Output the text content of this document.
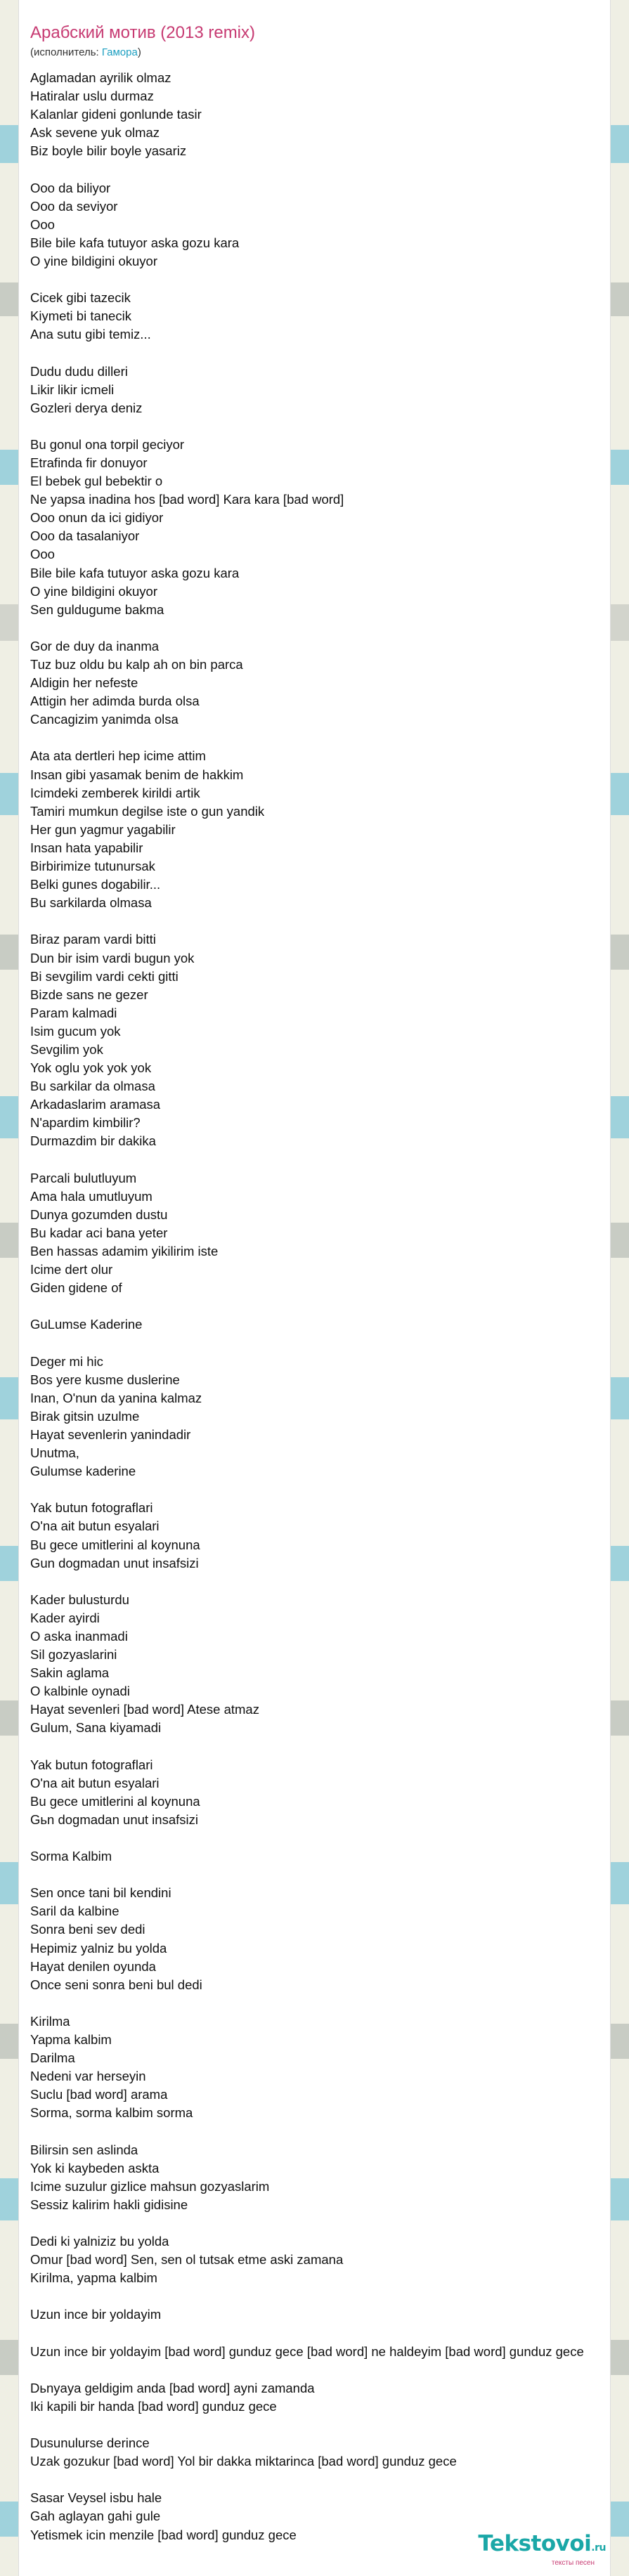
Арабский мотив (2013 remix)
(исполнитель: Гамора)
Aglamadan ayrilik olmaz
Hatiralar uslu durmaz
Kalanlar gideni gonlunde tasir
Ask sevene yuk olmaz
Biz boyle bilir boyle yasariz
Ooo da biliyor
Ooo da seviyor
Ooo
Bile bile kafa tutuyor aska gozu kara
O yine bildigini okuyor
Cicek gibi tazecik
Kiymeti bi tanecik
Ana sutu gibi temiz...
Dudu dudu dilleri
Likir likir icmeli
Gozleri derya deniz
Bu gonul ona torpil geciyor
Etrafinda fir donuyor
El bebek gul bebektir o
Ne yapsa inadina hos [bad word] Kara kara [bad word]
Ooo onun da ici gidiyor
Ooo da tasalaniyor
Ooo
Bile bile kafa tutuyor aska gozu kara
O yine bildigini okuyor
Sen guldugume bakma
Gor de duy da inanma
Tuz buz oldu bu kalp ah on bin parca
Aldigin her nefeste
Attigin her adimda burda olsa
Cancagizim yanimda olsa
Ata ata dertleri hep icime attim
Insan gibi yasamak benim de hakkim
Icimdeki zemberek kirildi artik
Tamiri mumkun degilse iste o gun yandik
Her gun yagmur yagabilir
Insan hata yapabilir
Birbirimize tutunursak
Belki gunes dogabilir...
Bu sarkilarda olmasa
Biraz param vardi bitti
Dun bir isim vardi bugun yok
Bi sevgilim vardi cekti gitti
Bizde sans ne gezer
Param kalmadi
Isim gucum yok
Sevgilim yok
Yok oglu yok yok yok
Bu sarkilar da olmasa
Arkadaslarim aramasa
N'apardim kimbilir?
Durmazdim bir dakika
Parcali bulutluyum
Ama hala umutluyum
Dunya gozumden dustu
Bu kadar aci bana yeter
Ben hassas adamim yikilirim iste
Icime dert olur
Giden gidene of
GuLumse Kaderine
Deger mi hic
Bos yere kusme duslerine
Inan, O'nun da yanina kalmaz
Birak gitsin uzulme
Hayat sevenlerin yanindadir
Unutma,
Gulumse kaderine
Yak butun fotograflari
O'na ait butun esyalari
Bu gece umitlerini al koynuna
Gun dogmadan unut insafsizi
Kader bulusturdu
Kader ayirdi
O aska inanmadi
Sil gozyaslarini
Sakin aglama
O kalbinle oynadi
Hayat sevenleri [bad word] Atese atmaz
Gulum, Sana kiyamadi
Yak butun fotograflari
O'na ait butun esyalari
Bu gece umitlerini al koynuna
Gьn dogmadan unut insafsizi
Sorma Kalbim
Sen once tani bil kendini
Saril da kalbine
Sonra beni sev dedi
Hepimiz yalniz bu yolda
Hayat denilen oyunda
Once seni sonra beni bul dedi
Kirilma
Yapma kalbim
Darilma
Nedeni var herseyin
Suclu [bad word] arama
Sorma, sorma kalbim sorma
Bilirsin sen aslinda
Yok ki kaybeden askta
Icime suzulur gizlice mahsun gozyaslarim
Sessiz kalirim hakli gidisine
Dedi ki yalniziz bu yolda
Omur [bad word] Sen, sen ol tutsak etme aski zamana
Kirilma, yapma kalbim
Uzun ince bir yoldayim
Uzun ince bir yoldayim [bad word] gunduz gece [bad word] ne haldeyim [bad word] gunduz gece
Dьnyaya geldigim anda [bad word] ayni zamanda
Iki kapili bir handa [bad word] gunduz gece
Dusunulurse derince
Uzak gozukur [bad word] Yol bir dakka miktarinca [bad word] gunduz gece
Sasar Veysel isbu hale
Gah aglayan gahi gule
Yetismek icin menzile [bad word] gunduz gece	Tekstovoi.ru
тексты песен
